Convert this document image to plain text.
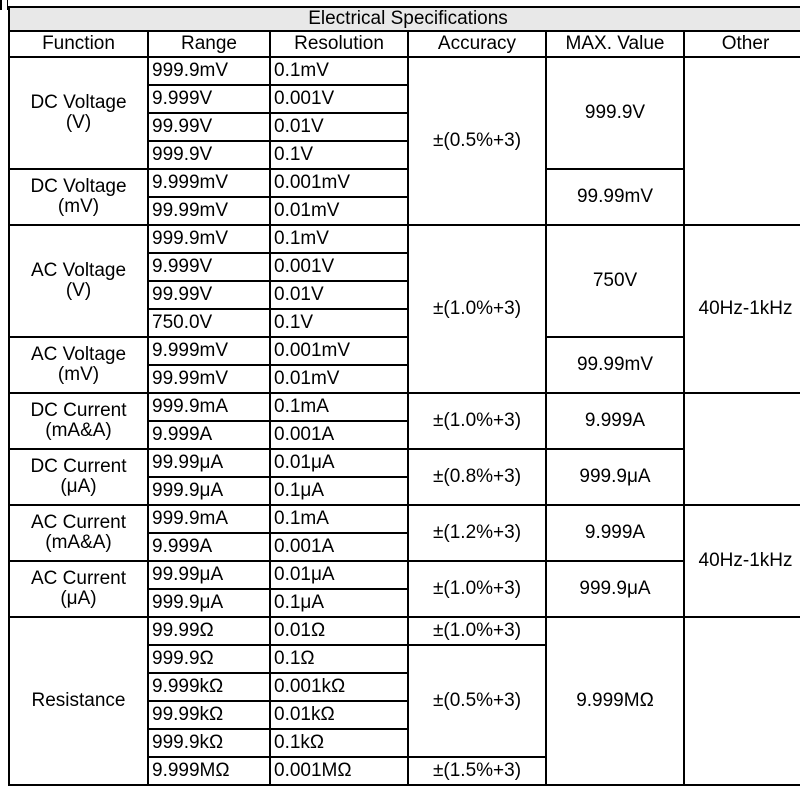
Electrical Specifications					
Function	Range	Resolution	Accuracy	MAX. Value	Other
DC Voltage
(V)	999.9mV	0.1mV	±(0.5%+3)	999.9V	
	9.999V	0.001V			
	99.99V	0.01V			
	999.9V	0.1V			
DC Voltage
(mV)	9.999mV	0.001mV		99.99mV	
	99.99mV	0.01mV			
AC Voltage
(V)	999.9mV	0.1mV	±(1.0%+3)	750V	40Hz-1kHz
	9.999V	0.001V			
	99.99V	0.01V			
	750.0V	0.1V			
AC Voltage
(mV)	9.999mV	0.001mV		99.99mV	
	99.99mV	0.01mV			
DC Current
(mA&A)	999.9mA	0.1mA	±(1.0%+3)	9.999A	
	9.999A	0.001A			
DC Current
(μA)	99.99μA	0.01μA	±(0.8%+3)	999.9μA	
	999.9μA	0.1μA			
AC Current
(mA&A)	999.9mA	0.1mA	±(1.2%+3)	9.999A	40Hz-1kHz
	9.999A	0.001A			
AC Current
(μA)	99.99μA	0.01μA	±(1.0%+3)	999.9μA	
	999.9μA	0.1μA			
Resistance	99.99Ω	0.01Ω	±(1.0%+3)	9.999MΩ	
	999.9Ω	0.1Ω	±(0.5%+3)		
	9.999kΩ	0.001kΩ			
	99.99kΩ	0.01kΩ			
	999.9kΩ	0.1kΩ			
	9.999MΩ	0.001MΩ	±(1.5%+3)		
